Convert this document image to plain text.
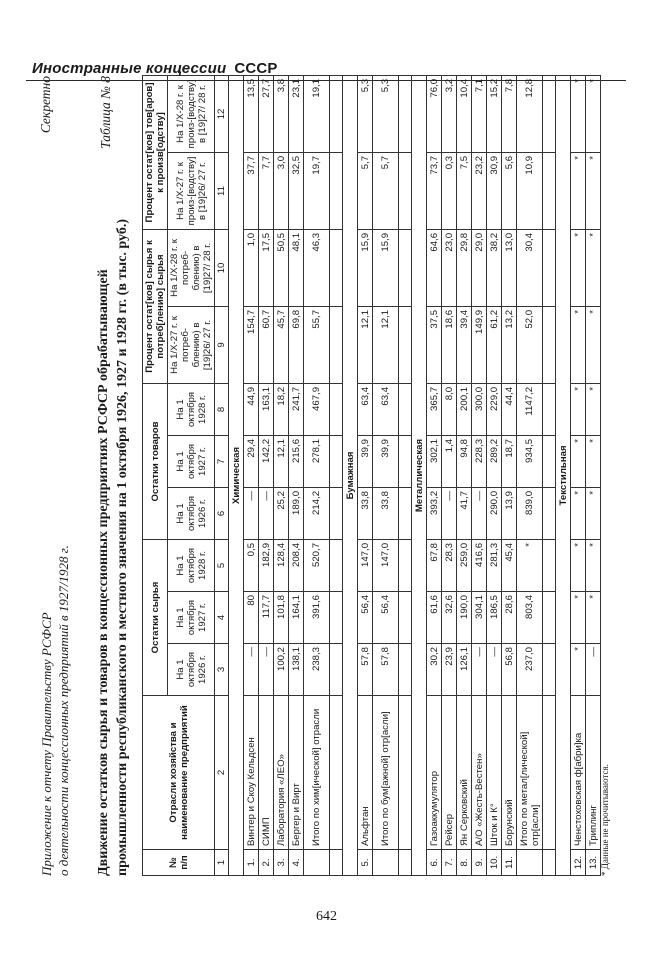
Иностранные концессии СССР
Приложение к отчету Правительству РСФСР о деятельности концессионных предприятий в 1927/1928 г.
Секретно	Таблица № 8
Движение остатков сырья и товаров в концессионных предприятиях РСФСР обрабатывающей промышленности республиканского и местного значения на 1 октября 1926, 1927 и 1928 гг. (в тыс. руб.)	№ п/п	Отрасли хозяйства и наименование предприятий	Остатки сырья			Остатки товаров			Процент остат[ков] сырья к потреб[лению] сырья		Процент остат[ков] тов[аров] к произв[одству]	
		На 1 октября 1926 г.	На 1 октября 1927 г.	На 1 октября 1928 г.	На 1 октября 1926 г.	На 1 октября 1927 г.	На 1 октября 1928 г.	На 1/X-27 г. к потреб-блению) в [19]26/ 27 г.	На 1/X-28 г. к потреб-блению) в [19]27/ 28 г.	На 1/X-27 г. к произ-[водству] в [19]26/ 27 г.	На 1/X-28 г. к произ-[водству] в [19]27/ 28 г.
1	2	3	4	5	6	7	8	9	10	11	12
Химическая											
1.	Винтер и Скоу Кельдсен	—	80	0,5	—	29,4	44,9	154,7	1,0	37,7	13,5
2.	СИМП	—	117,7	182,9	—	142,2	163,1	60,7	17,5	7,7	27,7
3.	Лаборатория «ЛЕО»	100,2	101,8	128,4	25,2	12,1	18,2	45,7	50,5	3,0	3,8
4.	Бергер и Вирт	138,1	164,1	208,4	189,0	215,6	241,7	69,8	48,1	32,5	23,1
	Итого по хим[ической] отрасли	238,3	391,6	520,7	214,2	278,1	467,9	55,7	46,3	19,7	19,1

Бумажная											
5.	Альфтан	57,8	56,4	147,0	33,8	39,9	63,4	12,1	15,9	5,7	5,3
	Итого по бум[ажной] отр[асли]	57,8	56,4	147,0	33,8	39,9	63,4	12,1	15,9	5,7	5,3

Металлическая											
6.	Газоаккумулятор	30,2	61,6	67,8	393,2	302,1	365,7	37,5	64,6	73,7	76,0
7.	Рейсер	23,9	32,6	28,3	—	1,4	8,0	18,6	23,0	0,3	3,2
8.	Ян Серковский	126,1	190,0	259,0	41,7	94,8	200,1	39,4	29,8	7,5	10,4
9.	А/О «Жесть-Вестен»	—	304,1	416,6	—	228,3	300,0	149,9	29,0	23,2	7,1
10.	Шток и К°	—	186,5	281,3	290,0	289,2	229,0	61,2	38,2	30,9	15,2
11.	Борунский	56,8	28,6	45,4	13,9	18,7	44,4	13,2	13,0	5,6	7,8
	Итого по метал[лической] отр[асли]	237,0	803,4	*	839,0	934,5	1147,2	52,0	30,4	10,9	12,8

Текстильная											
12.	Ченстоховская ф[абри]ка	*	*	*	*	*	*	*	*	*	*
13.	Триплинг	—	*	*	*	*	*	*	*	*	*
* Данные не прочитываются.
642
